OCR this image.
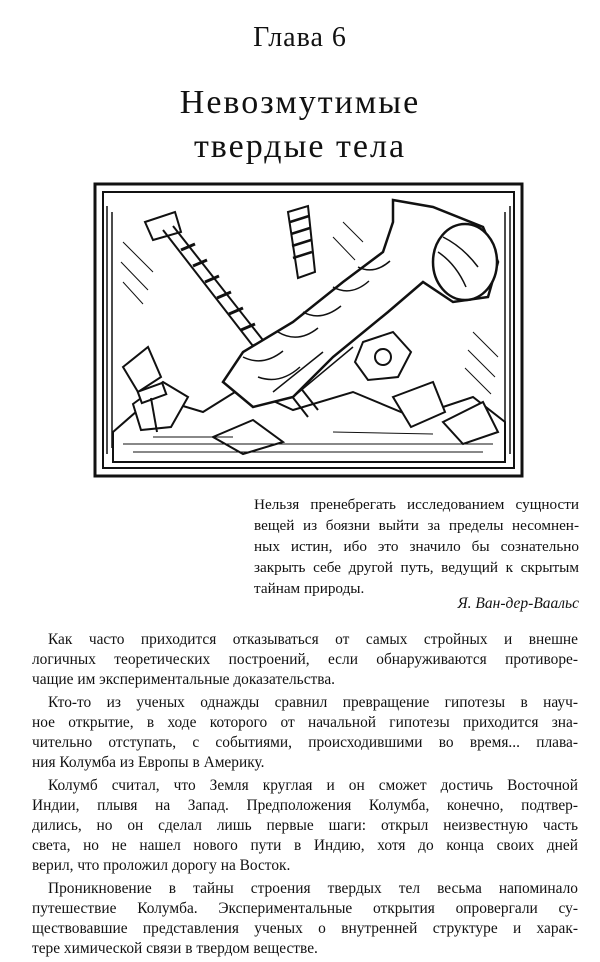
Глава 6
Невозмутимые
твердые тела
Нельзя пренебрегать исследованием сущности
вещей из боязни выйти за пределы несомнен-
ных истин, ибо это значило бы сознательно
закрыть себе другой путь, ведущий к скрытым
тайнам природы.
Я. Ван-дер-Ваальс

Как часто приходится отказываться от самых стройных и внешне
логичных теоретических построений, если обнаруживаются противоре-
чащие им экспериментальные доказательства.

Кто-то из ученых однажды сравнил превращение гипотезы в науч-
ное открытие, в ходе которого от начальной гипотезы приходится зна-
чительно отступать, с событиями, происходившими во время... плава-
ния Колумба из Европы в Америку.

Колумб считал, что Земля круглая и он сможет достичь Восточной
Индии, плывя на Запад. Предположения Колумба, конечно, подтвер-
дились, но он сделал лишь первые шаги: открыл неизвестную часть
света, но не нашел нового пути в Индию, хотя до конца своих дней
верил, что проложил дорогу на Восток.

Проникновение в тайны строения твердых тел весьма напоминало
путешествие Колумба. Экспериментальные открытия опровергали су-
ществовавшие представления ученых о внутренней структуре и харак-
тере химической связи в твердом веществе.
